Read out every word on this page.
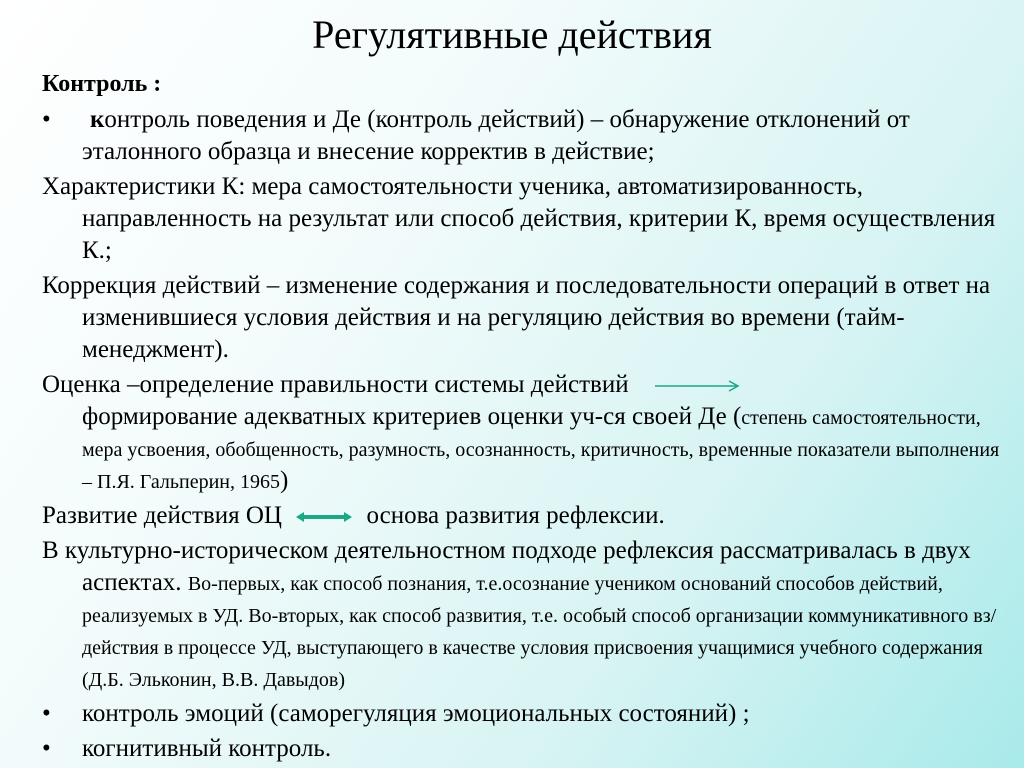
Регулятивные действия
Контроль :
• контроль поведения и Де (контроль действий) – обнаружение отклонений от эталонного образца и внесение корректив в действие;
Характеристики К: мера самостоятельности ученика, автоматизированность, направленность на результат или способ действия, критерии К, время осуществления К.;
Коррекция действий – изменение содержания и последовательности операций в ответ на изменившиеся условия действия и на регуляцию действия во времени (тайм-менеджмент).
Оценка –определение правильности системы действий
формирование адекватных критериев оценки уч-ся своей Де (степень самостоятельности, мера усвоения, обобщенность, разумность, осознанность, критичность, временные показатели выполнения – П.Я. Гальперин, 1965)
Развитие действия ОЦ	основа развития рефлексии.
В культурно-историческом деятельностном подходе рефлексия рассматривалась в двух аспектах. Во-первых, как способ познания, т.е.осознание учеником оснований способов действий, реализуемых в УД. Во-вторых, как способ развития, т.е. особый способ организации коммуникативного вз/действия в процессе УД, выступающего в качестве условия присвоения учащимися учебного содержания (Д.Б. Эльконин, В.В. Давыдов)
• контроль эмоций (саморегуляция эмоциональных состояний) ;
• когнитивный контроль.
